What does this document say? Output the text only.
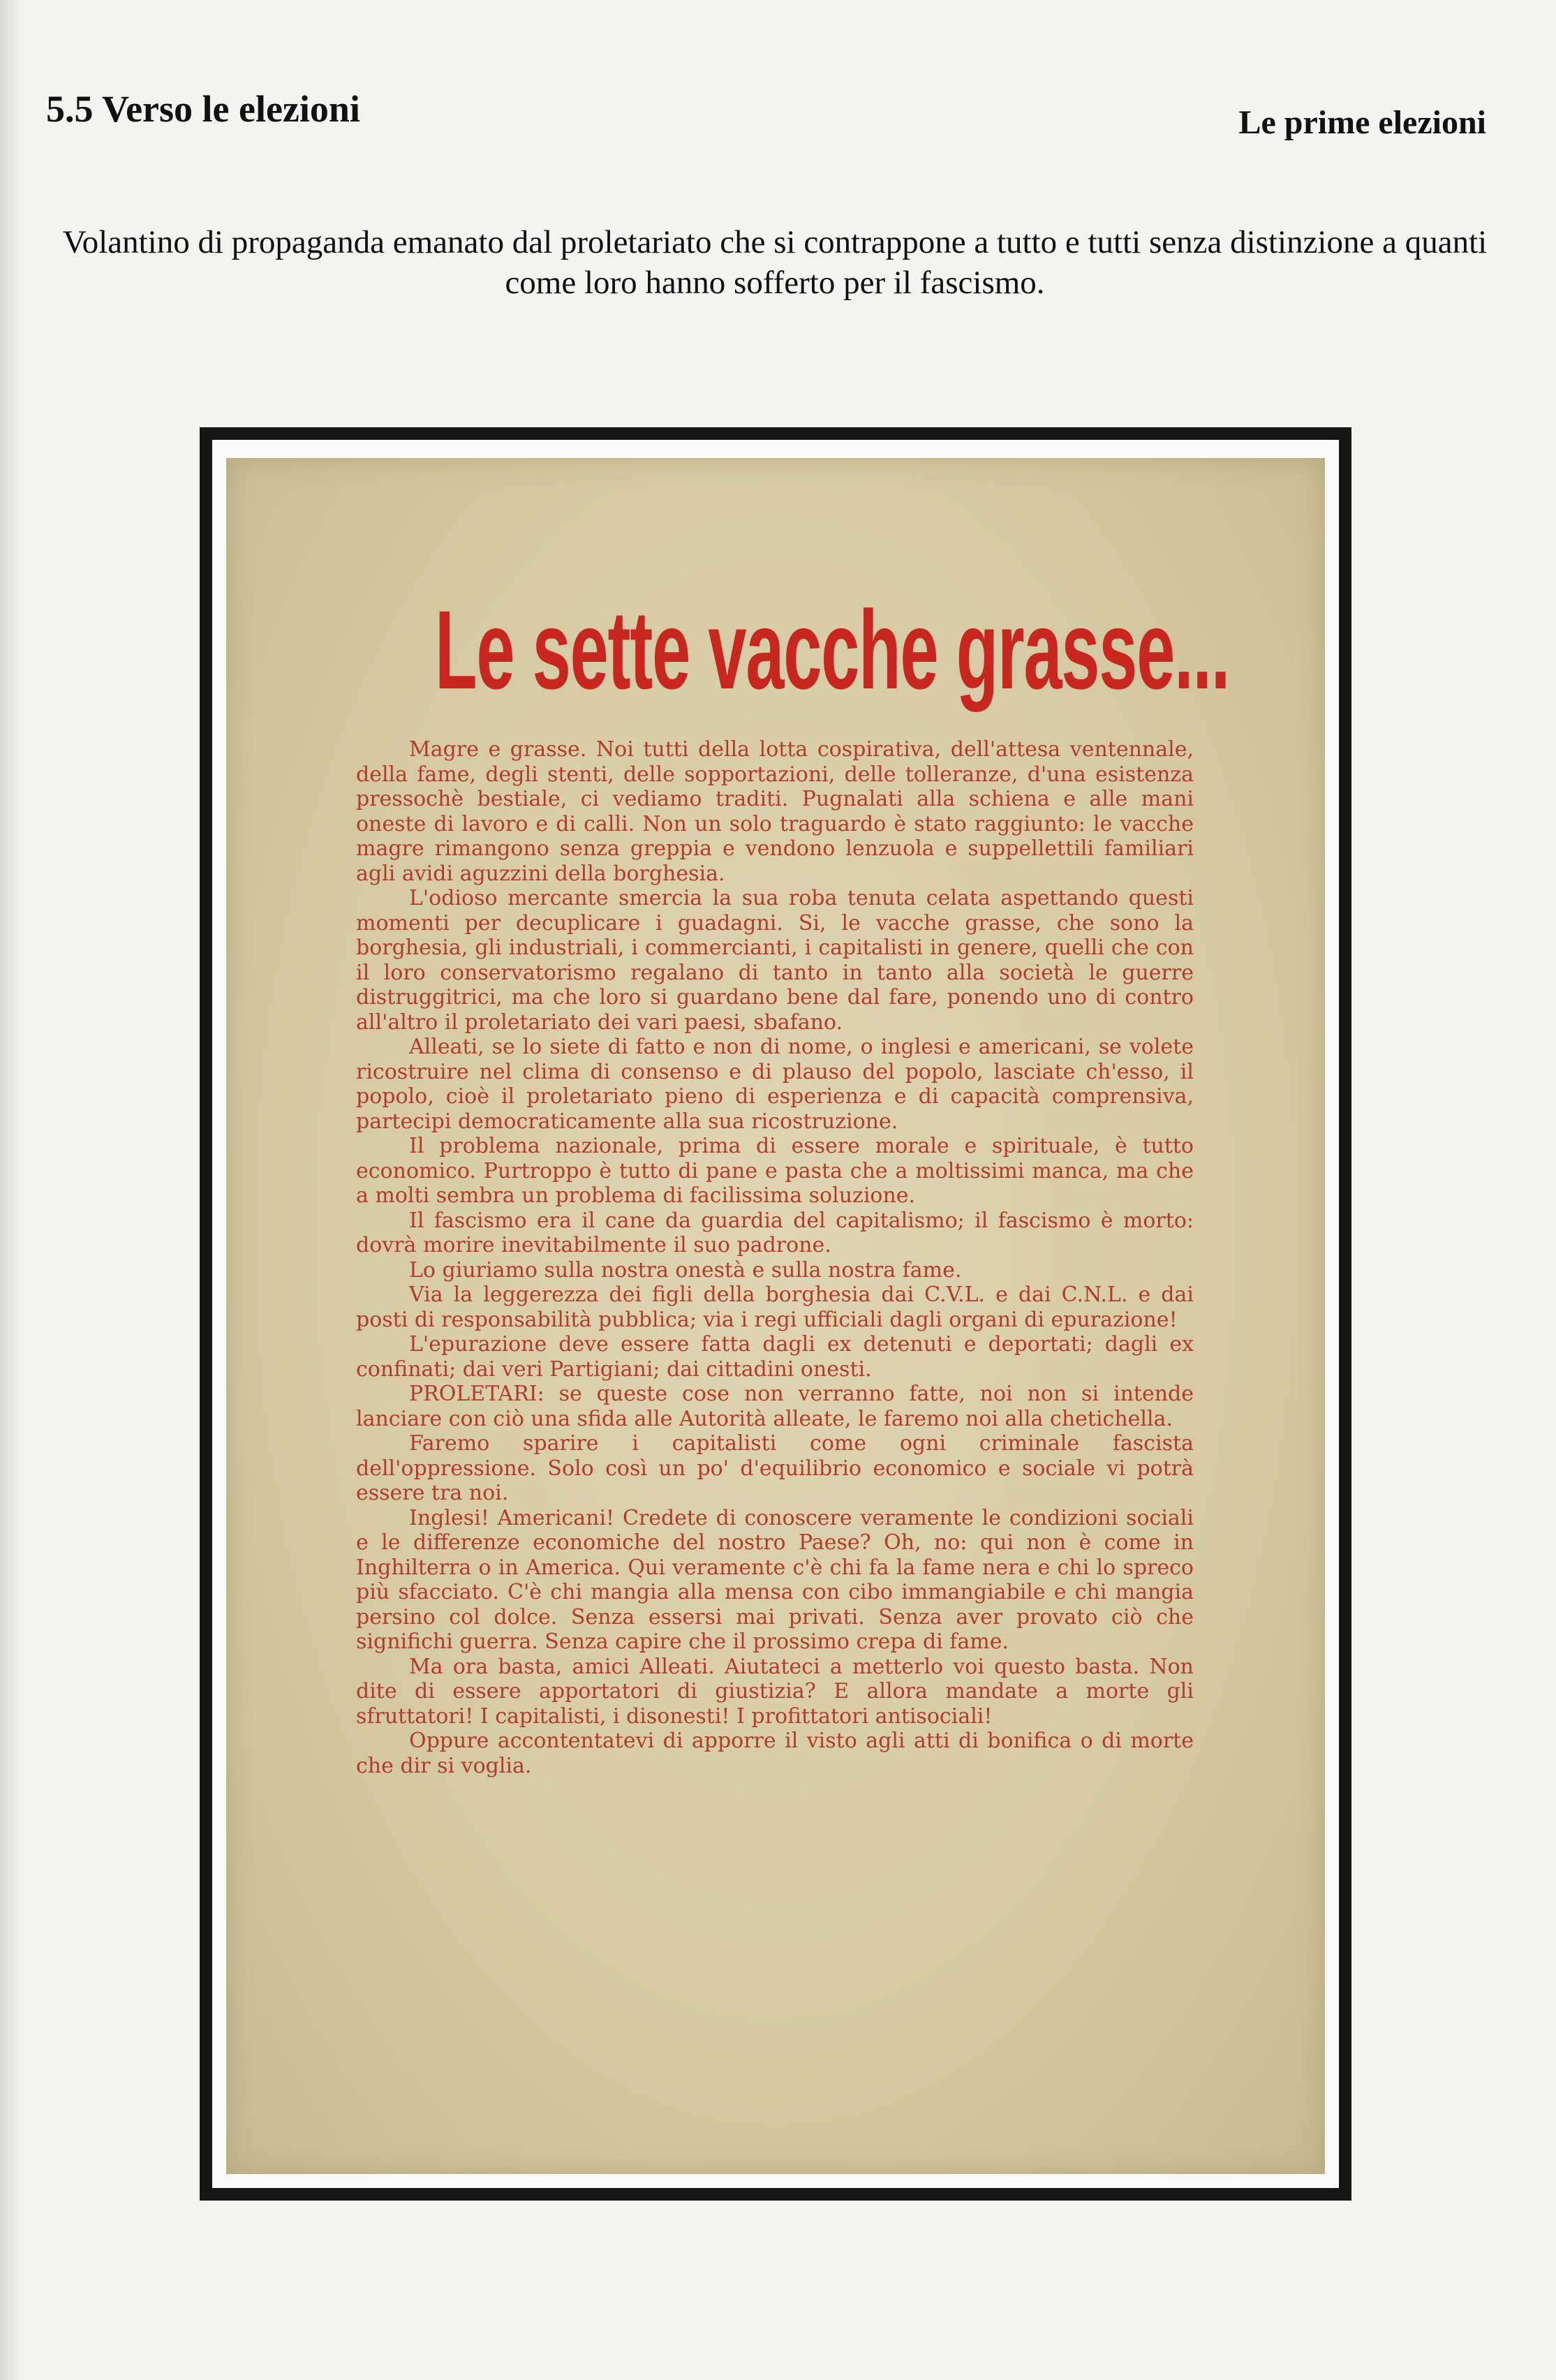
5.5 Verso le elezioni	Le prime elezioni
Volantino di propaganda emanato dal proletariato che si contrappone a tutto e tutti senza distinzione a quanti come loro hanno sofferto per il fascismo.
Le sette vacche grasse...

Magre e grasse. Noi tutti della lotta cospirativa, dell'attesa ventennale, della fame, degli stenti, delle sopportazioni, delle tolleranze, d'una esistenza pressochè bestiale, ci vediamo traditi. Pugnalati alla schiena e alle mani oneste di lavoro e di calli. Non un solo traguardo è stato raggiunto: le vacche magre rimangono senza greppia e vendono lenzuola e suppellettili familiari agli avidi aguzzini della borghesia.

L'odioso mercante smercia la sua roba tenuta celata aspettando questi momenti per decuplicare i guadagni. Si, le vacche grasse, che sono la borghesia, gli industriali, i commercianti, i capitalisti in genere, quelli che con il loro conservatorismo regalano di tanto in tanto alla società le guerre distruggitrici, ma che loro si guardano bene dal fare, ponendo uno di contro all'altro il proletariato dei vari paesi, sbafano.

Alleati, se lo siete di fatto e non di nome, o inglesi e americani, se volete ricostruire nel clima di consenso e di plauso del popolo, lasciate ch'esso, il popolo, cioè il proletariato pieno di esperienza e di capacità comprensiva, partecipi democraticamente alla sua ricostruzione.

Il problema nazionale, prima di essere morale e spirituale, è tutto economico. Purtroppo è tutto di pane e pasta che a moltissimi manca, ma che a molti sembra un problema di facilissima soluzione.

Il fascismo era il cane da guardia del capitalismo; il fascismo è morto: dovrà morire inevitabilmente il suo padrone.

Lo giuriamo sulla nostra onestà e sulla nostra fame.

Via la leggerezza dei figli della borghesia dai C.V.L. e dai C.N.L. e dai posti di responsabilità pubblica; via i regi ufficiali dagli organi di epurazione!

L'epurazione deve essere fatta dagli ex detenuti e deportati; dagli ex confinati; dai veri Partigiani; dai cittadini onesti.

PROLETARI: se queste cose non verranno fatte, noi non si intende lanciare con ciò una sfida alle Autorità alleate, le faremo noi alla chetichella.

Faremo sparire i capitalisti come ogni criminale fascista dell'oppressione. Solo così un po' d'equilibrio economico e sociale vi potrà essere tra noi.

Inglesi! Americani! Credete di conoscere veramente le condizioni sociali e le differenze economiche del nostro Paese? Oh, no: qui non è come in Inghilterra o in America. Qui veramente c'è chi fa la fame nera e chi lo spreco più sfacciato. C'è chi mangia alla mensa con cibo immangiabile e chi mangia persino col dolce. Senza essersi mai privati. Senza aver provato ciò che significhi guerra. Senza capire che il prossimo crepa di fame.

Ma ora basta, amici Alleati. Aiutateci a metterlo voi questo basta. Non dite di essere apportatori di giustizia? E allora mandate a morte gli sfruttatori! I capitalisti, i disonesti! I profittatori antisociali!

Oppure accontentatevi di apporre il visto agli atti di bonifica o di morte che dir si voglia.
